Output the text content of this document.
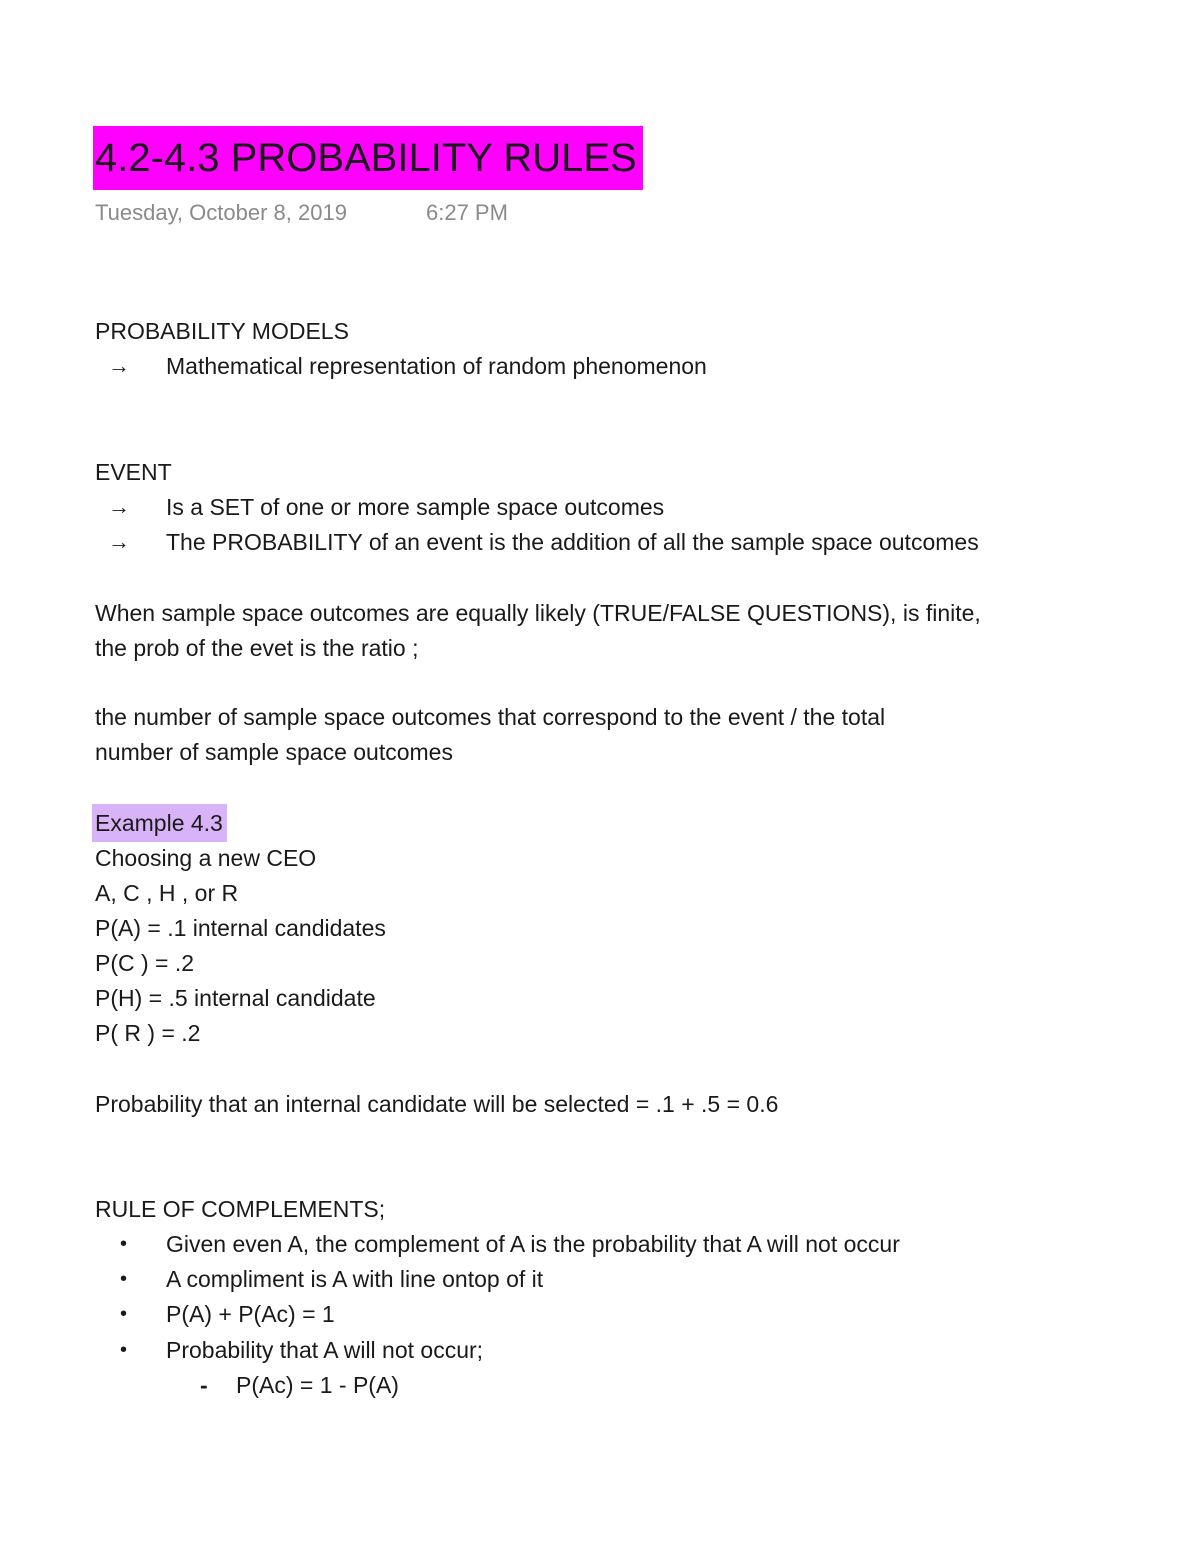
4.2-4.3 PROBABILITY RULES
Tuesday, October 8, 2019	6:27 PM
PROBABILITY MODELS
→ Mathematical representation of random phenomenon
EVENT
→ Is a SET of one or more sample space outcomes
→ The PROBABILITY of an event is the addition of all the sample space outcomes
When sample space outcomes are equally likely (TRUE/FALSE QUESTIONS), is finite,
the prob of the evet is the ratio ;
the number of sample space outcomes that correspond to the event / the total
number of sample space outcomes
Example 4.3
Choosing a new CEO
A, C , H , or R
P(A) = .1 internal candidates
P(C ) = .2
P(H) = .5 internal candidate
P( R ) = .2
Probability that an internal candidate will be selected = .1 + .5 = 0.6
RULE OF COMPLEMENTS;
• Given even A, the complement of A is the probability that A will not occur
• A compliment is A with line ontop of it
• P(A) + P(Ac) = 1
• Probability that A will not occur;
- P(Ac) = 1 - P(A)
